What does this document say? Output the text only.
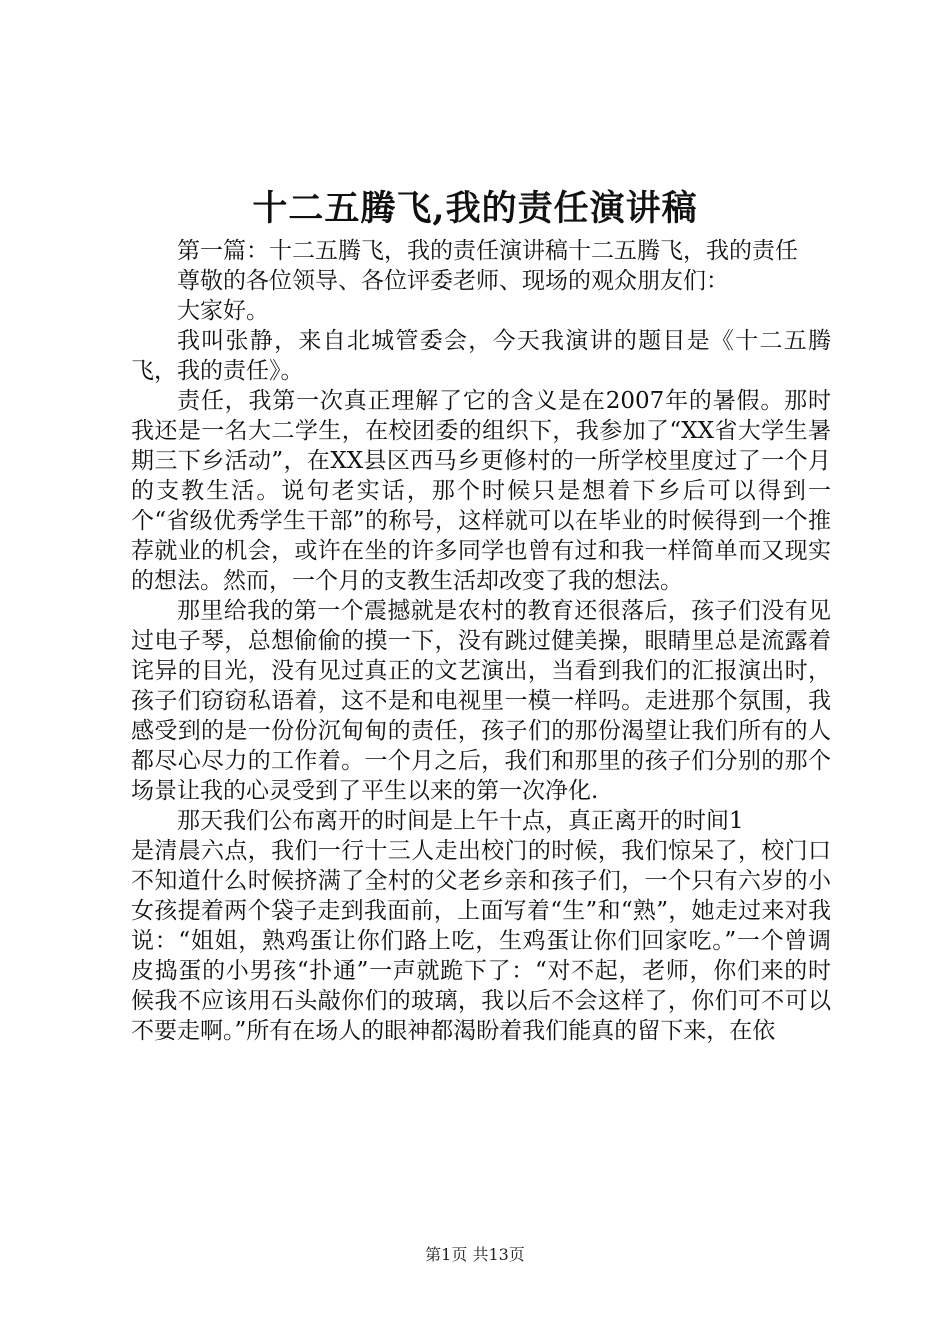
十二五腾飞,我的责任演讲稿

第一篇：十二五腾飞，我的责任演讲稿十二五腾飞，我的责任

尊敬的各位领导、各位评委老师、现场的观众朋友们：

大家好。

我叫张静，来自北城管委会，今天我演讲的题目是《十二五腾飞，我的责任》。

责任，我第一次真正理解了它的含义是在2007年的暑假。那时我还是一名大二学生，在校团委的组织下，我参加了“XX省大学生暑期三下乡活动”，在XX县区西马乡更修村的一所学校里度过了一个月的支教生活。说句老实话，那个时候只是想着下乡后可以得到一个“省级优秀学生干部”的称号，这样就可以在毕业的时候得到一个推荐就业的机会，或许在坐的许多同学也曾有过和我一样简单而又现实的想法。然而，一个月的支教生活却改变了我的想法。

那里给我的第一个震撼就是农村的教育还很落后，孩子们没有见过电子琴，总想偷偷的摸一下，没有跳过健美操，眼睛里总是流露着诧异的目光，没有见过真正的文艺演出，当看到我们的汇报演出时，孩子们窃窃私语着，这不是和电视里一模一样吗。走进那个氛围，我感受到的是一份份沉甸甸的责任，孩子们的那份渴望让我们所有的人都尽心尽力的工作着。一个月之后，我们和那里的孩子们分别的那个场景让我的心灵受到了平生以来的第一次净化.

那天我们公布离开的时间是上午十点，真正离开的时间1

是清晨六点，我们一行十三人走出校门的时候，我们惊呆了，校门口不知道什么时候挤满了全村的父老乡亲和孩子们，一个只有六岁的小女孩提着两个袋子走到我面前，上面写着“生”和“熟”，她走过来对我说：“姐姐，熟鸡蛋让你们路上吃，生鸡蛋让你们回家吃。”一个曾调皮捣蛋的小男孩“扑通”一声就跪下了：“对不起，老师，你们来的时候我不应该用石头敲你们的玻璃，我以后不会这样了，你们可不可以不要走啊。”所有在场人的眼神都渴盼着我们能真的留下来，在依

第1页 共13页
